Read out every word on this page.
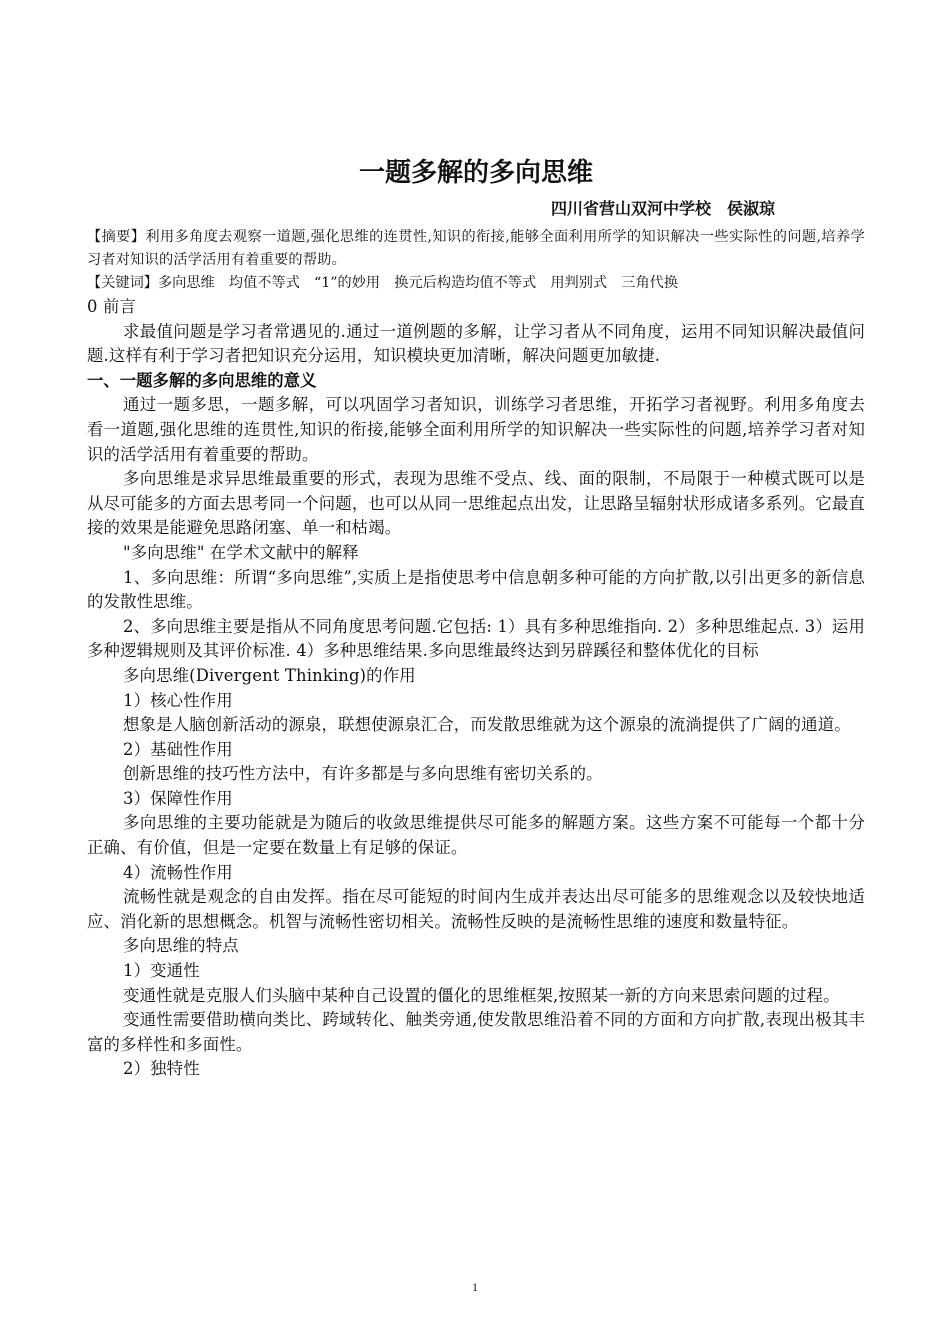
一题多解的多向思维
四川省营山双河中学校　侯淑琼

【摘要】利用多角度去观察一道题,强化思维的连贯性,知识的衔接,能够全面利用所学的知识解决一些实际性的问题,培养学习者对知识的活学活用有着重要的帮助。

【关键词】多向思维　均值不等式　“1”的妙用　换元后构造均值不等式　用判别式　三角代换

0 前言

求最值问题是学习者常遇见的.通过一道例题的多解，让学习者从不同角度，运用不同知识解决最值问题.这样有利于学习者把知识充分运用，知识模块更加清晰，解决问题更加敏捷.

一、一题多解的多向思维的意义

通过一题多思，一题多解，可以巩固学习者知识，训练学习者思维，开拓学习者视野。利用多角度去看一道题,强化思维的连贯性,知识的衔接,能够全面利用所学的知识解决一些实际性的问题,培养学习者对知识的活学活用有着重要的帮助。

多向思维是求异思维最重要的形式，表现为思维不受点、线、面的限制，不局限于一种模式既可以是从尽可能多的方面去思考同一个问题，也可以从同一思维起点出发，让思路呈辐射状形成诸多系列。它最直接的效果是能避免思路闭塞、单一和枯竭。

"多向思维" 在学术文献中的解释

1、多向思维：所谓“多向思维”,实质上是指使思考中信息朝多种可能的方向扩散,以引出更多的新信息的发散性思维。

2、多向思维主要是指从不同角度思考问题.它包括: 1）具有多种思维指向. 2）多种思维起点. 3）运用多种逻辑规则及其评价标准. 4）多种思维结果.多向思维最终达到另辟蹊径和整体优化的目标

多向思维(Divergent Thinking)的作用

1）核心性作用

想象是人脑创新活动的源泉，联想使源泉汇合，而发散思维就为这个源泉的流淌提供了广阔的通道。

2）基础性作用

创新思维的技巧性方法中，有许多都是与多向思维有密切关系的。

3）保障性作用

多向思维的主要功能就是为随后的收敛思维提供尽可能多的解题方案。这些方案不可能每一个都十分正确、有价值，但是一定要在数量上有足够的保证。

4）流畅性作用

流畅性就是观念的自由发挥。指在尽可能短的时间内生成并表达出尽可能多的思维观念以及较快地适应、消化新的思想概念。机智与流畅性密切相关。流畅性反映的是流畅性思维的速度和数量特征。

多向思维的特点

1）变通性

变通性就是克服人们头脑中某种自己设置的僵化的思维框架,按照某一新的方向来思索问题的过程。

变通性需要借助横向类比、跨域转化、触类旁通,使发散思维沿着不同的方面和方向扩散,表现出极其丰富的多样性和多面性。

2）独特性

1
